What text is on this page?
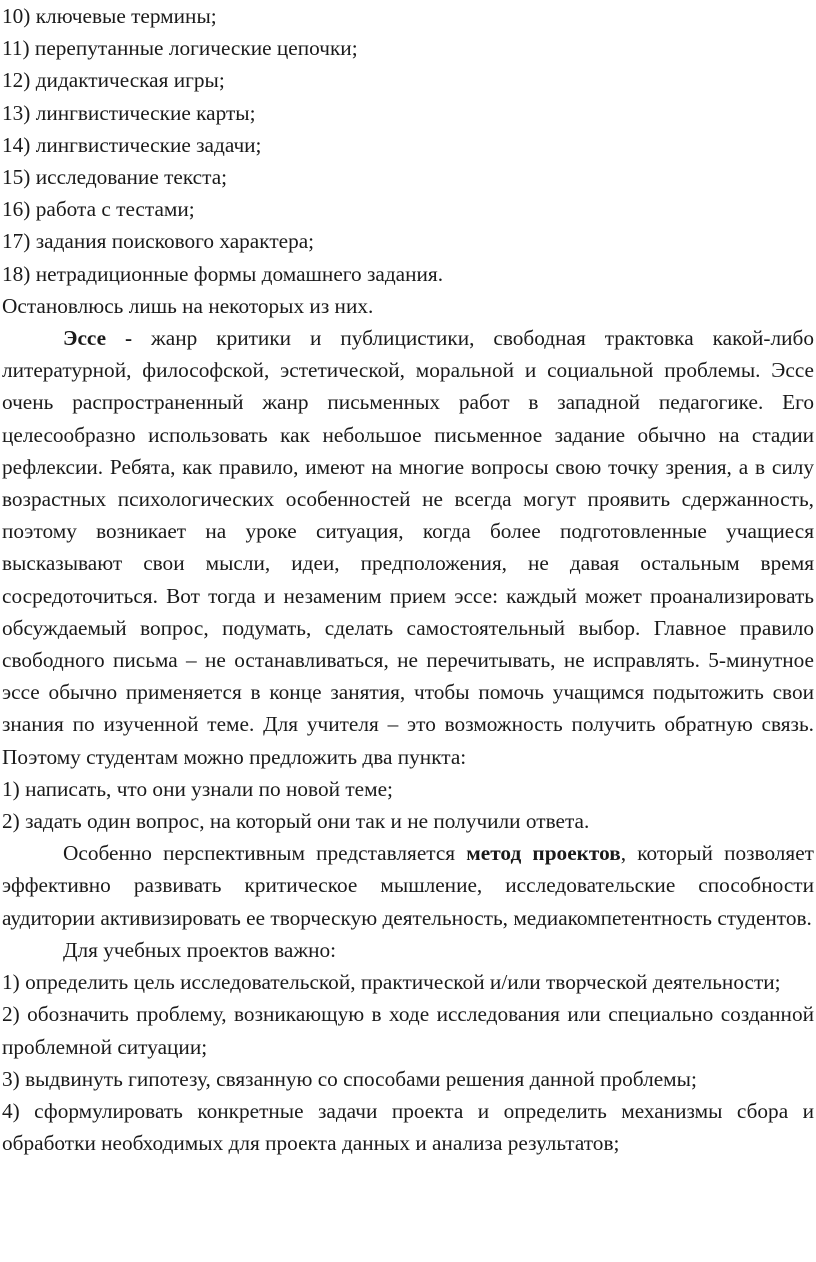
10) ключевые термины;
11) перепутанные логические цепочки;
12) дидактическая игры;
13) лингвистические карты;
14) лингвистические задачи;
15) исследование текста;
16) работа с тестами;
17) задания поискового характера;
18) нетрадиционные формы домашнего задания.
Остановлюсь лишь на некоторых из них.

Эссе - жанр критики и публицистики, свободная трактовка какой-либо литературной, философской, эстетической, моральной и социальной проблемы. Эссе очень распространенный жанр письменных работ в западной педагогике. Его целесообразно использовать как небольшое письменное задание обычно на стадии рефлексии. Ребята, как правило, имеют на многие вопросы свою точку зрения, а в силу возрастных психологических особенностей не всегда могут проявить сдержанность, поэтому возникает на уроке ситуация, когда более подготовленные учащиеся высказывают свои мысли, идеи, предположения, не давая остальным время сосредоточиться. Вот тогда и незаменим прием эссе: каждый может проанализировать обсуждаемый вопрос, подумать, сделать самостоятельный выбор. Главное правило свободного письма – не останавливаться, не перечитывать, не исправлять. 5-минутное эссе обычно применяется в конце занятия, чтобы помочь учащимся подытожить свои знания по изученной теме. Для учителя – это возможность получить обратную связь. Поэтому студентам можно предложить два пункта:

1) написать, что они узнали по новой теме;
2) задать один вопрос, на который они так и не получили ответа.

Особенно перспективным представляется метод проектов, который позволяет эффективно развивать критическое мышление, исследовательские способности аудитории активизировать ее творческую деятельность, медиакомпетентность студентов.

Для учебных проектов важно:

1) определить цель исследовательской, практической и/или творческой деятельности;

2) обозначить проблему, возникающую в ходе исследования или специально созданной проблемной ситуации;

3) выдвинуть гипотезу, связанную со способами решения данной проблемы;

4) сформулировать конкретные задачи проекта и определить механизмы сбора и обработки необходимых для проекта данных и анализа результатов;
